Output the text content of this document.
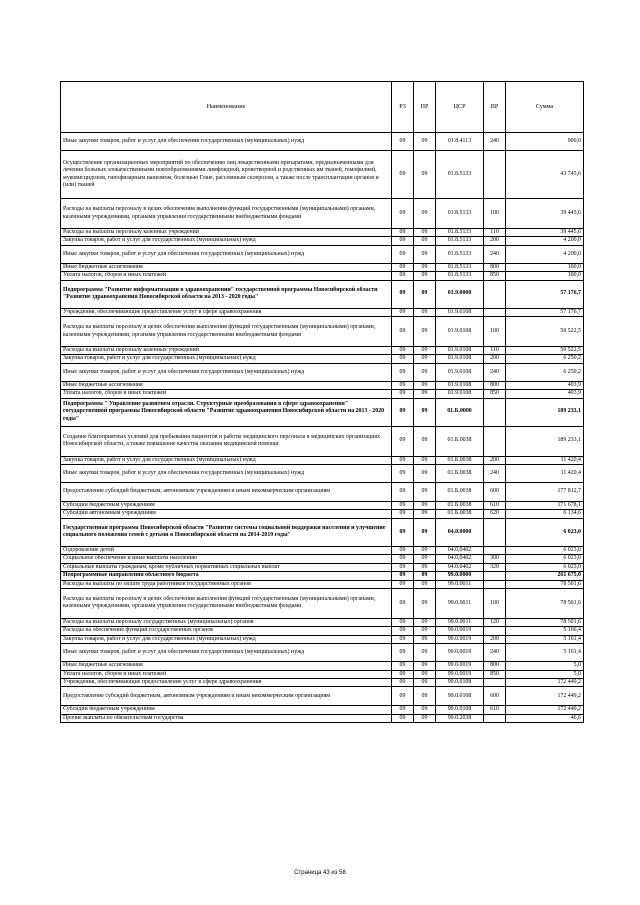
Наименование	РЗ	ПР	ЦСР	ВР	Сумма
Иные закупки товаров, работ и услуг для обеспечения государственных (муниципальных) нужд	09	09	01.8.4113	240	900,0
Осуществление организационных мероприятий по обеспечению лиц лекарственными препаратами, предназначенными для лечения больных злокачественными новообразованиями лимфоидной, кроветворной и родственных им тканей, гемофилией, муковисцидозом, гипофизарным нанизмом, болезнью Гоше, рассеянным склерозом, а также после трансплантации органов и (или) тканей	09	09	01.8.5133		43 745,6
Расходы на выплаты персоналу в целях обеспечения выполнения функций государственными (муниципальными) органами, казенными учреждениями, органами управления государственными внебюджетными фондами	09	09	01.8.5133	100	39 445,6
Расходы на выплаты персоналу казенных учреждений	09	09	01.8.5133	110	39 445,6
Закупка товаров, работ и услуг для государственных (муниципальных) нужд	09	09	01.8.5133	200	4 200,0
Иные закупки товаров, работ и услуг для обеспечения государственных (муниципальных) нужд	09	09	01.8.5133	240	4 200,0
Иные бюджетные ассигнования	09	09	01.8.5133	800	100,0
Уплата налогов, сборов и иных платежей	09	09	01.8.5133	850	100,0
Подпрограмма "Развитие информатизации в здравоохранении" государственной программы Новосибирской области "Развитие здравоохранения Новосибирской области на 2013 - 2020 годы"	09	09	01.9.0000		57 176,7
Учреждения, обеспечивающие предоставление услуг в сфере здравоохранения	09	09	01.9.0108		57 176,7
Расходы на выплаты персоналу в целях обеспечения выполнения функций государственными (муниципальными) органами, казенными учреждениями, органами управления государственными внебюджетными фондами	09	09	01.9.0108	100	50 522,5
Расходы на выплаты персоналу казенных учреждений	09	09	01.9.0108	110	50 522,5
Закупка товаров, работ и услуг для государственных (муниципальных) нужд	09	09	01.9.0108	200	6 250,2
Иные закупки товаров, работ и услуг для обеспечения государственных (муниципальных) нужд	09	09	01.9.0108	240	6 250,2
Иные бюджетные ассигнования	09	09	01.9.0108	800	403,9
Уплата налогов, сборов и иных платежей	09	09	01.9.0108	850	403,9
Подпрограмма " Управление развитием отрасли. Структурные преобразования в сфере здравоохранения" государственной программы Новосибирской области "Развитие здравоохранения Новосибирской области на 2013 - 2020 годы"	09	09	01.Б.0000		189 233,1
Создание благоприятных условий для пребывания пациентов и работы медицинского персонала в медицинских организациях Новосибирской области, а также повышение качества оказания медицинской помощи	09	09	01.Б.0038		189 233,1
Закупка товаров, работ и услуг для государственных (муниципальных) нужд	09	09	01.Б.0038	200	11 420,4
Иные закупки товаров, работ и услуг для обеспечения государственных (муниципальных) нужд	09	09	01.Б.0038	240	11 420,4
Предоставление субсидий бюджетным, автономным учреждениям и иным некоммерческим организациям	09	09	01.Б.0038	600	177 812,7
Субсидии бюджетным учреждениям	09	09	01.Б.0038	610	171 678,1
Субсидии автономным учреждениям	09	09	01.Б.0038	620	6 134,6
Государственная программа Новосибирской области "Развитие системы социальной поддержки населения и улучшение социального положения семей с детьми в Новосибирской области на 2014-2019 годы"	09	09	04.0.0000		6 023,0
Оздоровление детей	09	09	04.0.0402		6 023,0
Социальное обеспечение и иные выплаты населению	09	09	04.0.0402	300	6 023,0
Социальные выплаты гражданам, кроме публичных нормативных социальных выплат	09	09	04.0.0402	320	6 023,0
Непрограммные направления областного бюджета	09	09	99.0.0000		261 675,0
Расходы на выплаты по оплате труда работников государственных органов	09	09	99.0.0011		78 501,6
Расходы на выплаты персоналу в целях обеспечения выполнения функций государственными (муниципальными) органами, казенными учреждениями, органами управления государственными внебюджетными фондами	09	09	99.0.0011	100	78 501,6
Расходы на выплаты персоналу государственных (муниципальных) органов	09	09	99.0.0011	120	78 501,6
Расходы на обеспечение функций государственных органов	09	09	99.0.0019		5 166,4
Закупка товаров, работ и услуг для государственных (муниципальных) нужд	09	09	99.0.0019	200	5 161,4
Иные закупки товаров, работ и услуг для обеспечения государственных (муниципальных) нужд	09	09	99.0.0019	240	5 161,4
Иные бюджетные ассигнования	09	09	99.0.0019	800	5,0
Уплата налогов, сборов и иных платежей	09	09	99.0.0019	850	5,0
Учреждения, обеспечивающие предоставление услуг в сфере здравоохранения	09	09	99.0.0108		172 449,2
Предоставление субсидий бюджетным, автономным учреждениям и иным некоммерческим организациям	09	09	99.0.0108	600	172 449,2
Субсидии бюджетным учреждениям	09	09	99.0.0108	610	172 449,2
Прочие выплаты по обязательствам государства	09	09	99.0.2038		46,6
Страница 43 из 58
